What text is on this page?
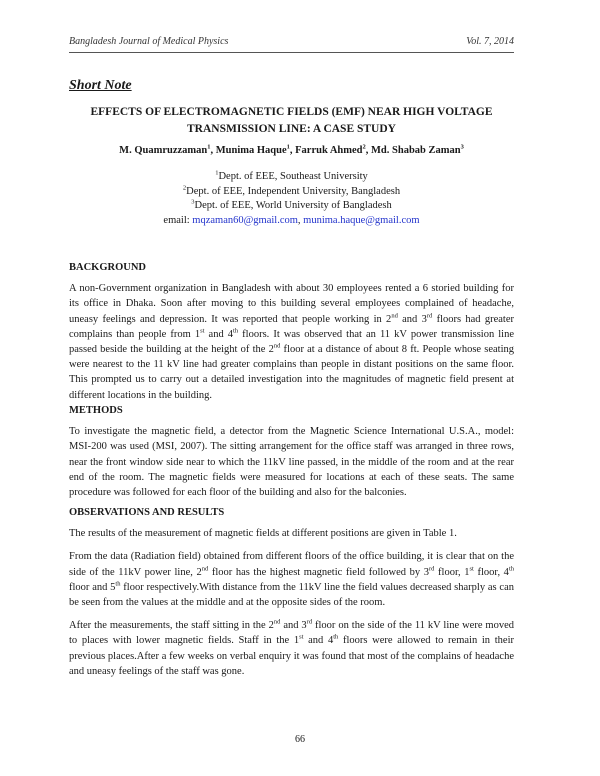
Bangladesh Journal of Medical Physics	Vol. 7, 2014
Short Note
EFFECTS OF ELECTROMAGNETIC FIELDS (EMF) NEAR HIGH VOLTAGE
TRANSMISSION LINE: A CASE STUDY
M. Quamruzzaman$^1$, Munima Haque$^1$, Farruk Ahmed$^2$, Md. Shabab Zaman$^3$
$^1$Dept. of EEE, Southeast University
$^2$Dept. of EEE, Independent University, Bangladesh
$^3$Dept. of EEE, World University of Bangladesh
email: mqzaman60@gmail.com, munima.haque@gmail.com
BACKGROUND

A non-Government organization in Bangladesh with about 30 employees rented a 6 storied building for its office in Dhaka. Soon after moving to this building several employees complained of headache, uneasy feelings and depression. It was reported that people working in 2nd and 3rd floors had greater complains than people from 1st and 4th floors. It was observed that an 11 kV power transmission line passed beside the building at the height of the 2nd floor at a distance of about 8 ft. People whose seating were nearest to the 11 kV line had greater complains than people in distant positions on the same floor. This prompted us to carry out a detailed investigation into the magnitudes of magnetic field present at different locations in the building.

METHODS

To investigate the magnetic field, a detector from the Magnetic Science International U.S.A., model: MSI-200 was used (MSI, 2007). The sitting arrangement for the office staff was arranged in three rows, near the front window side near to which the 11kV line passed, in the middle of the room and at the rear end of the room. The magnetic fields were measured for locations at each of these seats. The same procedure was followed for each floor of the building and also for the balconies.

OBSERVATIONS AND RESULTS

The results of the measurement of magnetic fields at different positions are given in Table 1.

From the data (Radiation field) obtained from different floors of the office building, it is clear that on the side of the 11kV power line, 2nd floor has the highest magnetic field followed by 3rd floor, 1st floor, 4th floor and 5th floor respectively.With distance from the 11kV line the field values decreased sharply as can be seen from the values at the middle and at the opposite sides of the room.

After the measurements, the staff sitting in the 2nd and 3rd floor on the side of the 11 kV line were moved to places with lower magnetic fields. Staff in the 1st and 4th floors were allowed to remain in their previous places.After a few weeks on verbal enquiry it was found that most of the complains of headache and uneasy feelings of the staff was gone.

66
